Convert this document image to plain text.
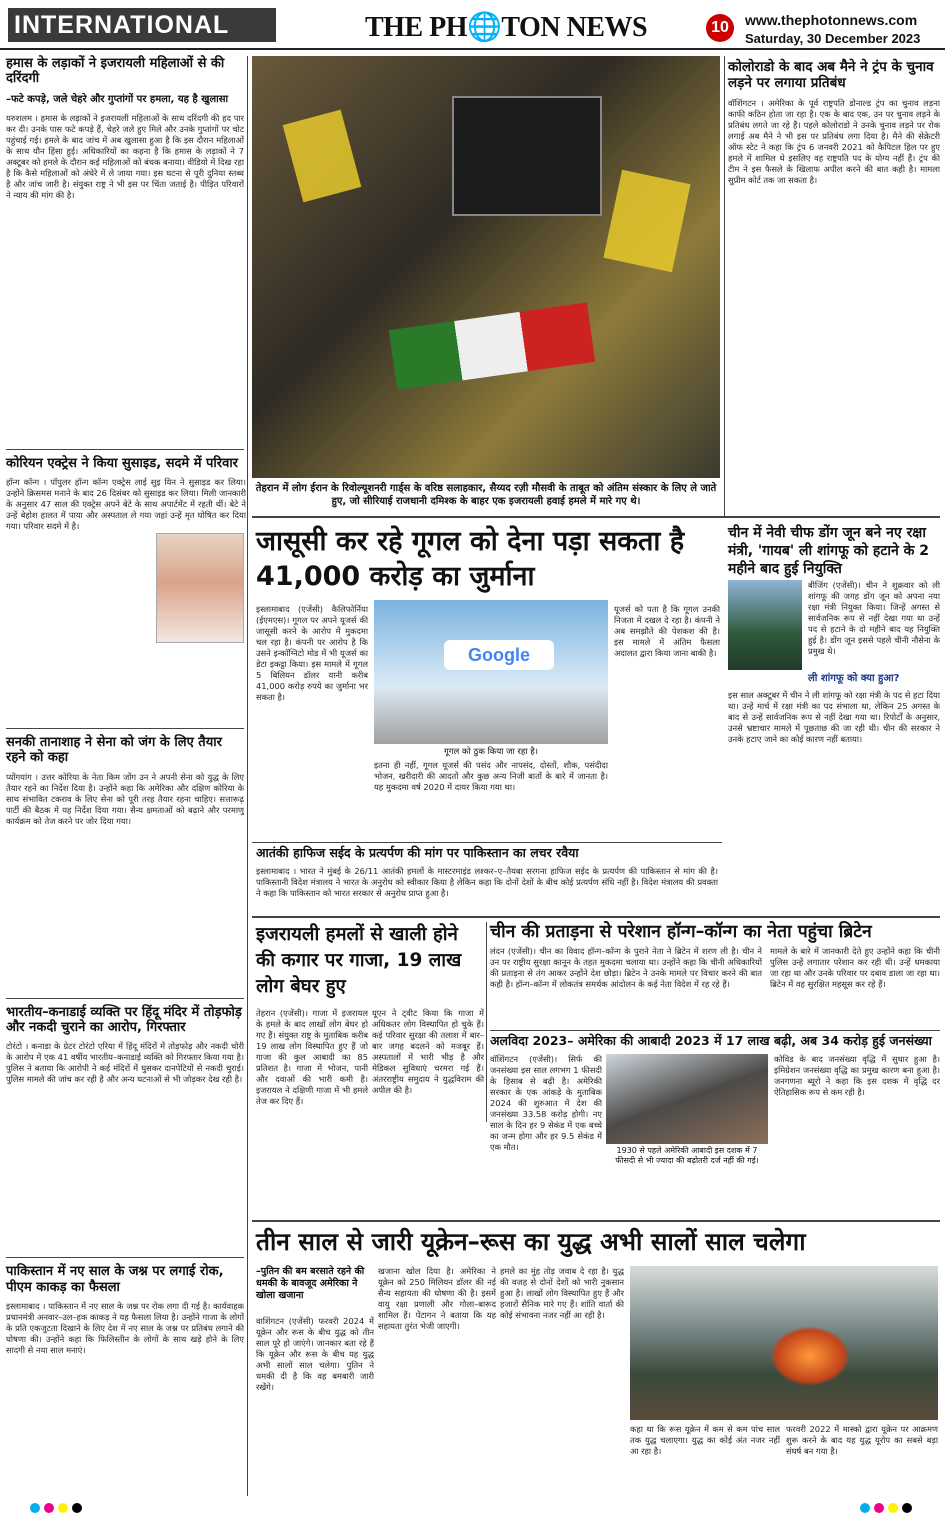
INTERNATIONAL	THE PH🌐TON NEWS	10	www.thephotonnews.com
Saturday, 30 December 2023
हमास के लड़ाकों ने इजरायली महिलाओं से की दरिंदगी
–फटे कपड़े, जले चेहरे और गुप्तांगों पर हमला, यह है खुलासा
यरुशलम । हमास के लड़ाकों ने इजरायली महिलाओं के साथ दरिंदगी की हद पार कर दी। उनके पास फटे कपड़े हैं, चेहरे जले हुए मिले और उनके गुप्तांगों पर चोट पहुंचाई गई। हमले के बाद जांच में अब खुलासा हुआ है कि इस दौरान महिलाओं के साथ यौन हिंसा हुई। अधिकारियों का कहना है कि हमास के लड़ाकों ने 7 अक्टूबर को हमले के दौरान कई महिलाओं को बंधक बनाया। वीडियो में दिख रहा है कि कैसे महिलाओं को अंधेरे में ले जाया गया। इस घटना से पूरी दुनिया स्तब्ध है और जांच जारी है। संयुक्त राष्ट्र ने भी इस पर चिंता जताई है। पीड़ित परिवारों ने न्याय की मांग की है।
कोरियन एक्ट्रेस ने किया सुसाइड, सदमे में परिवार
हॉन्ग कॉन्ग । पॉपुलर हॉन्ग कॉन्ग एक्ट्रेस लाई सुइ यिन ने सुसाइड कर लिया। उन्होंने क्रिसमस मनाने के बाद 26 दिसंबर को सुसाइड कर लिया। मिली जानकारी के अनुसार 47 साल की एक्ट्रेस अपने बेटे के साथ अपार्टमेंट में रहती थीं। बेटे ने उन्हें बेहोश हालत में पाया और अस्पताल ले गया जहां उन्हें मृत घोषित कर दिया गया। परिवार सदमे में है।
सनकी तानाशाह ने सेना को जंग के लिए तैयार रहने को कहा
प्योंगयांग । उत्तर कोरिया के नेता किम जोंग उन ने अपनी सेना को युद्ध के लिए तैयार रहने का निर्देश दिया है। उन्होंने कहा कि अमेरिका और दक्षिण कोरिया के साथ संभावित टकराव के लिए सेना को पूरी तरह तैयार रहना चाहिए। सत्तारूढ़ पार्टी की बैठक में यह निर्देश दिया गया। सैन्य क्षमताओं को बढ़ाने और परमाणु कार्यक्रम को तेज करने पर जोर दिया गया।
भारतीय–कनाडाई व्यक्ति पर हिंदू मंदिर में तोड़फोड़ और नकदी चुराने का आरोप, गिरफ्तार
टोरंटो । कनाडा के ग्रेटर टोरंटो एरिया में हिंदू मंदिरों में तोड़फोड़ और नकदी चोरी के आरोप में एक 41 वर्षीय भारतीय–कनाडाई व्यक्ति को गिरफ्तार किया गया है। पुलिस ने बताया कि आरोपी ने कई मंदिरों में घुसकर दानपेटियों से नकदी चुराई। पुलिस मामले की जांच कर रही है और अन्य घटनाओं से भी जोड़कर देख रही है।
पाकिस्तान में नए साल के जश्न पर लगाई रोक, पीएम काकड़ का फैसला
इस्लामाबाद । पाकिस्तान में नए साल के जश्न पर रोक लगा दी गई है। कार्यवाहक प्रधानमंत्री अनवार–उल–हक काकड़ ने यह फैसला लिया है। उन्होंने गाजा के लोगों के प्रति एकजुटता दिखाने के लिए देश में नए साल के जश्न पर प्रतिबंध लगाने की घोषणा की। उन्होंने कहा कि फिलिस्तीन के लोगों के साथ खड़े होने के लिए सादगी से नया साल मनाएं।
तेहरान में लोग ईरान के रिवोल्यूशनरी गार्ड्स के वरिष्ठ सलाहकार, सैय्यद रज़ी मौसवी के ताबूत को अंतिम संस्कार के लिए ले जाते हुए, जो सीरियाई राजधानी दमिश्क के बाहर एक इजरायली हवाई हमले में मारे गए थे।
कोलोराडो के बाद अब मैने ने ट्रंप के चुनाव लड़ने पर लगाया प्रतिबंध
वॉशिंगटन । अमेरिका के पूर्व राष्ट्रपति डोनाल्ड ट्रंप का चुनाव लड़ना काफी कठिन होता जा रहा है। एक के बाद एक, उन पर चुनाव लड़ने के प्रतिबंध लगते जा रहे हैं। पहले कोलोराडो ने उनके चुनाव लड़ने पर रोक लगाई अब मैने ने भी इस पर प्रतिबंध लगा दिया है। मैने की सेक्रेटरी ऑफ स्टेट ने कहा कि ट्रंप 6 जनवरी 2021 को कैपिटल हिल पर हुए हमले में शामिल थे इसलिए वह राष्ट्रपति पद के योग्य नहीं हैं। ट्रंप की टीम ने इस फैसले के खिलाफ अपील करने की बात कही है। मामला सुप्रीम कोर्ट तक जा सकता है।
जासूसी कर रहे गूगल को देना पड़ा सकता है 41,000 करोड़ का जुर्माना
इस्लामाबाद (एजेंसी) कैलिफोर्निया (ईएमएस)। गूगल पर अपने यूजर्स की जासूसी करने के आरोप में मुकदमा चल रहा है। कंपनी पर आरोप है कि उसने इन्कॉग्निटो मोड में भी यूजर्स का डेटा इकट्ठा किया। इस मामले में गूगल 5 बिलियन डॉलर यानी करीब 41,000 करोड़ रुपये का जुर्माना भर सकता है।
Google
गूगल को ठुक किया जा रहा है।
इतना ही नहीं, गूगल यूजर्स की पसंद और नापसंद, दोस्तों, शौक, पसंदीदा भोजन, खरीदारी की आदतों और कुछ अन्य निजी बातों के बारे में जानता है। यह मुकदमा वर्ष 2020 में दायर किया गया था।
यूजर्स को पता है कि गूगल उनकी निजता में दखल दे रहा है। कंपनी ने अब समझौते की पेशकश की है। इस मामले में अंतिम फैसला अदालत द्वारा किया जाना बाकी है।
चीन में नेवी चीफ डोंग जून बने नए रक्षा मंत्री, 'गायब' ली शांगफू को हटाने के 2 महीने बाद हुई नियुक्ति
बीजिंग (एजेंसी)। चीन ने शुक्रवार को ली शांगफू की जगह डोंग जून को अपना नया रक्षा मंत्री नियुक्त किया। जिन्हें अगस्त से सार्वजनिक रूप से नहीं देखा गया था उन्हें पद से हटाने के दो महीने बाद यह नियुक्ति हुई है। डोंग जून इससे पहले चीनी नौसेना के प्रमुख थे।
ली शांगफू को क्या हुआ?
इस साल अक्टूबर में चीन ने ली शांगफू को रक्षा मंत्री के पद से हटा दिया था। उन्हें मार्च में रक्षा मंत्री का पद संभाला था, लेकिन 25 अगस्त के बाद से उन्हें सार्वजनिक रूप से नहीं देखा गया था। रिपोर्टों के अनुसार, उनसे भ्रष्टाचार मामले में पूछताछ की जा रही थी। चीन की सरकार ने उनके हटाए जाने का कोई कारण नहीं बताया।
आतंकी हाफिज सईद के प्रत्यर्पण की मांग पर पाकिस्तान का लचर रवैया
इस्लामाबाद । भारत ने मुंबई के 26/11 आतंकी हमलों के मास्टरमाइंड लश्कर–ए–तैयबा सरगना हाफिज सईद के प्रत्यर्पण की पाकिस्तान से मांग की है। पाकिस्तानी विदेश मंत्रालय ने भारत के अनुरोध को स्वीकार किया है लेकिन कहा कि दोनों देशों के बीच कोई प्रत्यर्पण संधि नहीं है। विदेश मंत्रालय की प्रवक्ता ने कहा कि पाकिस्तान को भारत सरकार से अनुरोध प्राप्त हुआ है।
इजरायली हमलों से खाली होने की कगार पर गाजा, 19 लाख लोग बेघर हुए
तेहरान (एजेंसी)। गाजा में इजरायल के हमले के बाद लाखों लोग बेघर हो गए हैं। संयुक्त राष्ट्र के मुताबिक करीब 19 लाख लोग विस्थापित हुए हैं जो गाजा की कुल आबादी का 85 प्रतिशत है। गाजा में भोजन, पानी और दवाओं की भारी कमी है। इजरायल ने दक्षिणी गाजा में भी हमले तेज कर दिए हैं।
यूएन ने ट्वीट किया कि गाजा में अधिकतर लोग विस्थापित हो चुके हैं। कई परिवार सुरक्षा की तलाश में बार–बार जगह बदलने को मजबूर हैं। अस्पतालों में भारी भीड़ है और मेडिकल सुविधाएं चरमरा गई हैं। अंतरराष्ट्रीय समुदाय ने युद्धविराम की अपील की है।
चीन की प्रताड़ना से परेशान हॉन्ग–कॉन्ग का नेता पहुंचा ब्रिटेन
लंदन (एजेंसी)। चीन का विवाद हॉन्ग–कॉन्ग के पुराने नेता ने ब्रिटेन में शरण ली है। चीन ने उन पर राष्ट्रीय सुरक्षा कानून के तहत मुकदमा चलाया था। उन्होंने कहा कि चीनी अधिकारियों की प्रताड़ना से तंग आकर उन्होंने देश छोड़ा। ब्रिटेन ने उनके मामले पर विचार करने की बात कही है। हॉन्ग–कॉन्ग में लोकतंत्र समर्थक आंदोलन के कई नेता विदेश में रह रहे हैं।
मामले के बारे में जानकारी देते हुए उन्होंने कहा कि चीनी पुलिस उन्हें लगातार परेशान कर रही थी। उन्हें धमकाया जा रहा था और उनके परिवार पर दबाव डाला जा रहा था। ब्रिटेन में वह सुरक्षित महसूस कर रहे हैं।
अलविदा 2023– अमेरिका की आबादी 2023 में 17 लाख बढ़ी, अब 34 करोड़ हुई जनसंख्या
वॉशिंगटन (एजेंसी)। सिर्फ की जनसंख्या इस साल लगभग 1 फीसदी के हिसाब से बढ़ी है। अमेरिकी सरकार के एक आंकड़े के मुताबिक 2024 की शुरुआत में देश की जनसंख्या 33.58 करोड़ होगी। नए साल के दिन हर 9 सेकंड में एक बच्चे का जन्म होगा और हर 9.5 सेकंड में एक मौत।	1930 से पहले अमेरिकी आबादी इस दशक में 7 फीसदी से भी ज्यादा की बढ़ोतरी दर्ज नहीं की गई।
कोविड के बाद जनसंख्या वृद्धि में सुधार हुआ है। इमिग्रेशन जनसंख्या वृद्धि का प्रमुख कारण बना हुआ है। जनगणना ब्यूरो ने कहा कि इस दशक में वृद्धि दर ऐतिहासिक रूप से कम रही है।
तीन साल से जारी यूक्रेन–रूस का युद्ध अभी सालों साल चलेगा
–पुतिन की बम बरसाते रहने की धमकी के बावजूद अमेरिका ने खोला खजाना
वाशिंगटन (एजेंसी) फरवरी 2024 में यूक्रेन और रूस के बीच युद्ध को तीन साल पूरे हो जाएंगे। जानकार बता रहे हैं कि यूक्रेन और रूस के बीच यह युद्ध अभी सालों साल चलेगा। पुतिन ने धमकी दी है कि वह बमबारी जारी रखेंगे।
खजाना खोल दिया है। अमेरिका ने यूक्रेन को 250 मिलियन डॉलर की नई सैन्य सहायता की घोषणा की है। इसमें वायु रक्षा प्रणाली और गोला–बारूद शामिल हैं। पेंटागन ने बताया कि यह सहायता तुरंत भेजी जाएगी।
हमले का मुंह तोड़ जवाब दे रहा है। युद्ध की वजह से दोनों देशों को भारी नुकसान हुआ है। लाखों लोग विस्थापित हुए हैं और हजारों सैनिक मारे गए हैं। शांति वार्ता की कोई संभावना नजर नहीं आ रही है।
कहा था कि रूस यूक्रेन में कम से कम पांच साल तक युद्ध चलाएगा। युद्ध का कोई अंत नजर नहीं आ रहा है।
फरवरी 2022 में मास्को द्वारा यूक्रेन पर आक्रमण शुरू करने के बाद यह युद्ध यूरोप का सबसे बड़ा संघर्ष बन गया है।
